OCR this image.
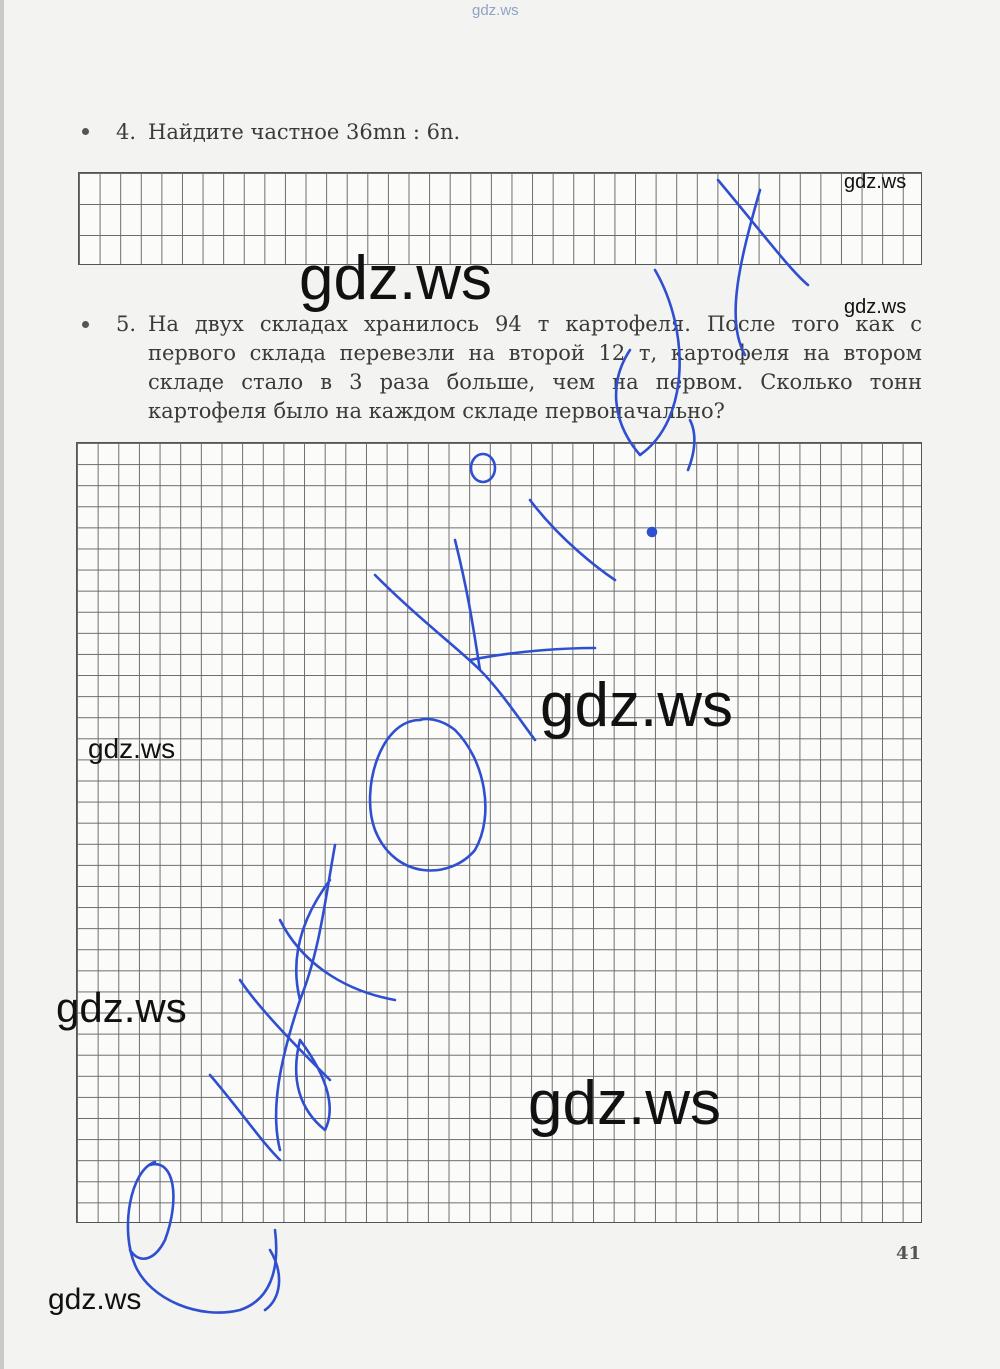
gdz.ws
4. Найдите частное 36mn : 6n.
5. На двух складах хранилось 94 т картофеля. После того как с первого склада перевезли на второй 12 т, картофеля на втором складе стало в 3 раза больше, чем на первом. Сколько тонн картофеля было на каждом складе первоначально?
gdz.ws
gdz.ws	gdz.ws
gdz.ws
gdz.ws
gdz.ws
gdz.ws
gdz.ws
41
